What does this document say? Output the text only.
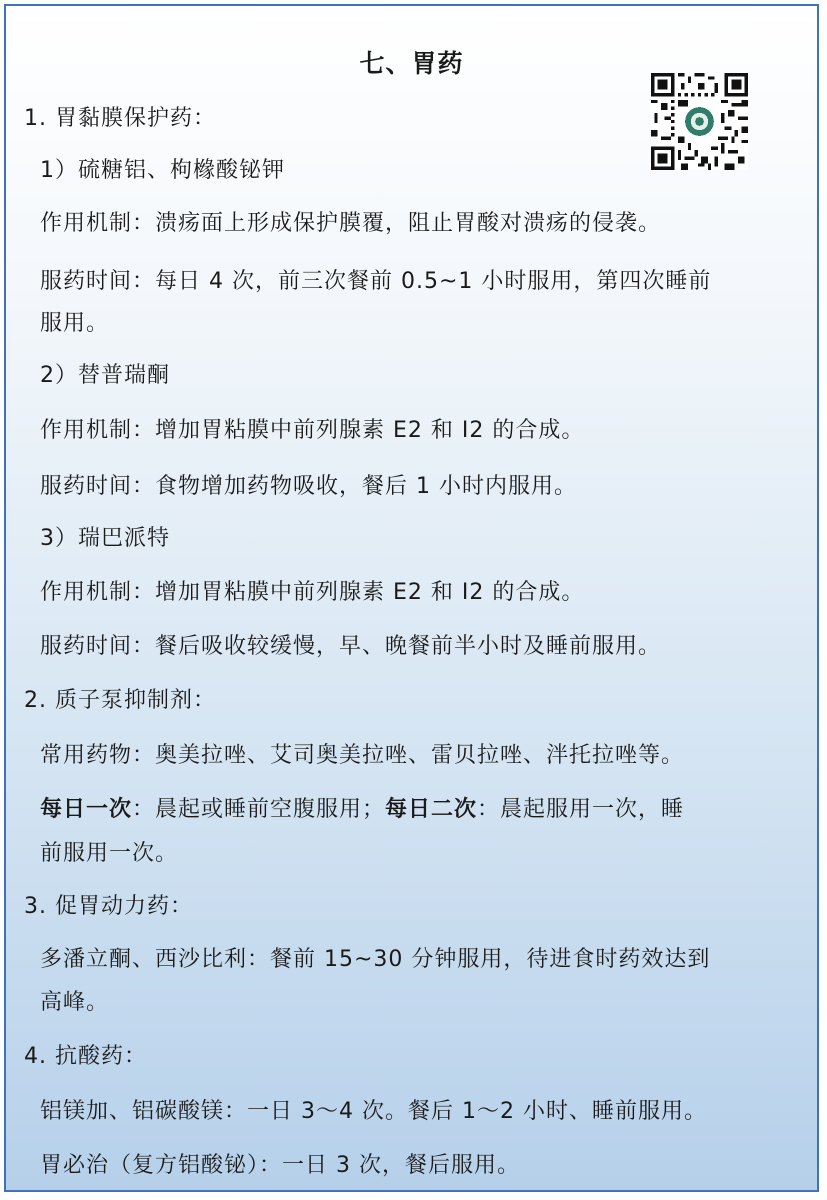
七、胃药
1. 胃黏膜保护药：
1）硫糖铝、枸橼酸铋钾
作用机制：溃疡面上形成保护膜覆，阻止胃酸对溃疡的侵袭。
服药时间：每日 4 次，前三次餐前 0.5~1 小时服用，第四次睡前
服用。
2）替普瑞酮
作用机制：增加胃粘膜中前列腺素 E2 和 I2 的合成。
服药时间：食物增加药物吸收，餐后 1 小时内服用。
3）瑞巴派特
作用机制：增加胃粘膜中前列腺素 E2 和 I2 的合成。
服药时间：餐后吸收较缓慢，早、晚餐前半小时及睡前服用。
2. 质子泵抑制剂：
常用药物：奥美拉唑、艾司奥美拉唑、雷贝拉唑、泮托拉唑等。
每日一次：晨起或睡前空腹服用；每日二次：晨起服用一次，睡
前服用一次。
3. 促胃动力药：
多潘立酮、西沙比利：餐前 15~30 分钟服用，待进食时药效达到
高峰。
4. 抗酸药：
铝镁加、铝碳酸镁：一日 3～4 次。餐后 1～2 小时、睡前服用。
胃必治（复方铝酸铋）：一日 3 次，餐后服用。
